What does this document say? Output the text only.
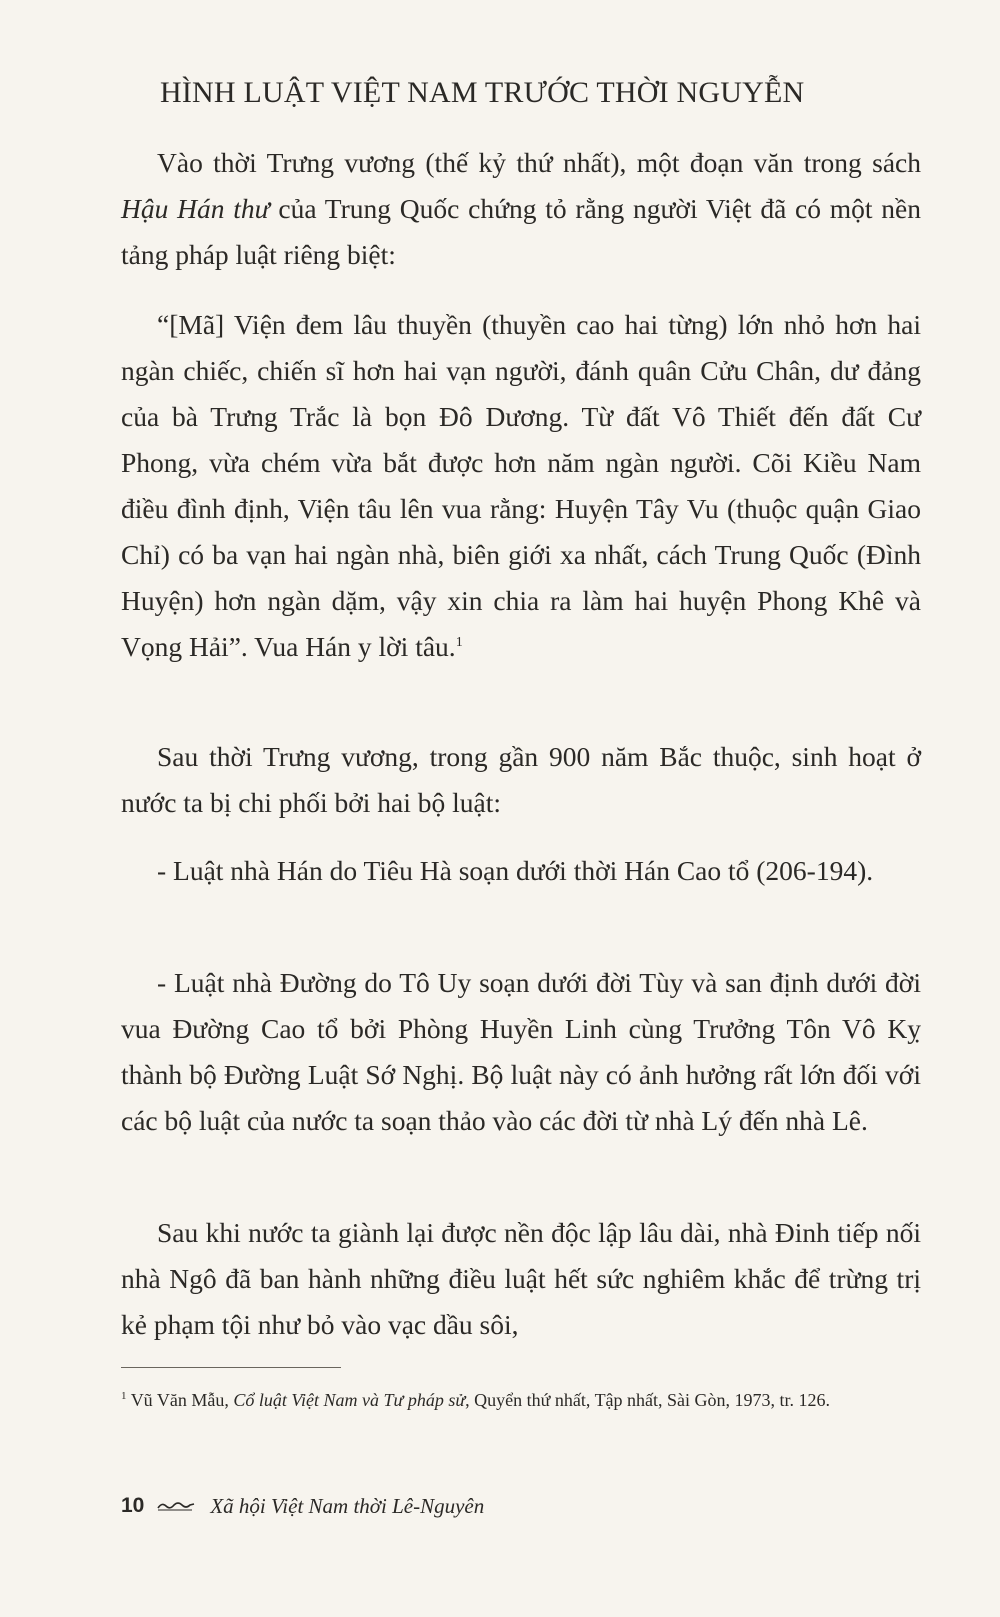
HÌNH LUẬT VIỆT NAM TRƯỚC THỜI NGUYỄN

Vào thời Trưng vương (thế kỷ thứ nhất), một đoạn văn trong sách Hậu Hán thư của Trung Quốc chứng tỏ rằng người Việt đã có một nền tảng pháp luật riêng biệt:

“[Mã] Viện đem lâu thuyền (thuyền cao hai từng) lớn nhỏ hơn hai ngàn chiếc, chiến sĩ hơn hai vạn người, đánh quân Cửu Chân, dư đảng của bà Trưng Trắc là bọn Đô Dương. Từ đất Vô Thiết đến đất Cư Phong, vừa chém vừa bắt được hơn năm ngàn người. Cõi Kiều Nam điều đình định, Viện tâu lên vua rằng: Huyện Tây Vu (thuộc quận Giao Chỉ) có ba vạn hai ngàn nhà, biên giới xa nhất, cách Trung Quốc (Đình Huyện) hơn ngàn dặm, vậy xin chia ra làm hai huyện Phong Khê và Vọng Hải”. Vua Hán y lời tâu.$^1$

Sau thời Trưng vương, trong gần 900 năm Bắc thuộc, sinh hoạt ở nước ta bị chi phối bởi hai bộ luật:

- Luật nhà Hán do Tiêu Hà soạn dưới thời Hán Cao tổ (206-194).

- Luật nhà Đường do Tô Uy soạn dưới đời Tùy và san định dưới đời vua Đường Cao tổ bởi Phòng Huyền Linh cùng Trưởng Tôn Vô Kỵ thành bộ Đường Luật Sớ Nghị. Bộ luật này có ảnh hưởng rất lớn đối với các bộ luật của nước ta soạn thảo vào các đời từ nhà Lý đến nhà Lê.

Sau khi nước ta giành lại được nền độc lập lâu dài, nhà Đinh tiếp nối nhà Ngô đã ban hành những điều luật hết sức nghiêm khắc để trừng trị kẻ phạm tội như bỏ vào vạc dầu sôi,

$^1$ Vũ Văn Mẫu, Cổ luật Việt Nam và Tư pháp sử, Quyển thứ nhất, Tập nhất, Sài Gòn, 1973, tr. 126.
10	Xã hội Việt Nam thời Lê-Nguyên
